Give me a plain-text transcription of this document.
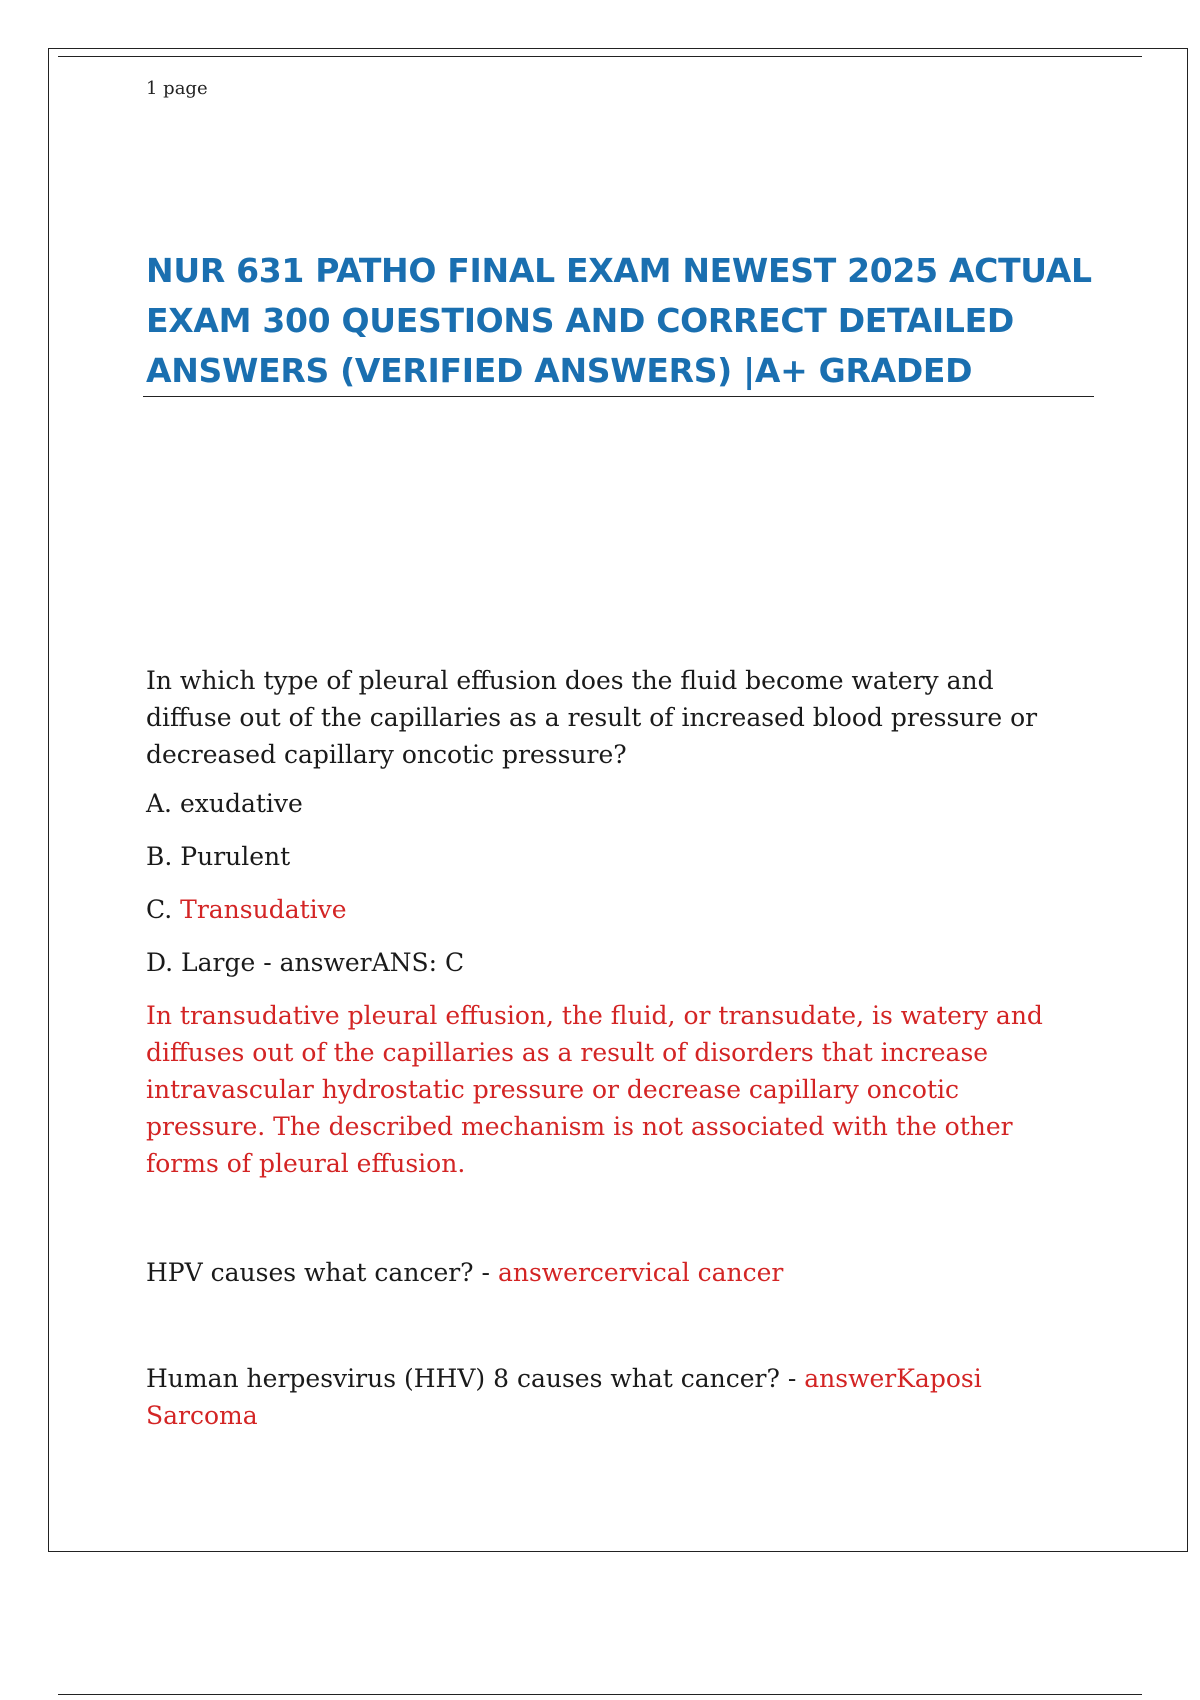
1 page
NUR 631 PATHO FINAL EXAM NEWEST 2025 ACTUAL
EXAM 300 QUESTIONS AND CORRECT DETAILED
ANSWERS (VERIFIED ANSWERS) |A+ GRADED

In which type of pleural effusion does the fluid become watery and diffuse out of the capillaries as a result of increased blood pressure or decreased capillary oncotic pressure?

A. exudative

B. Purulent

C. Transudative

D. Large - answerANS: C

In transudative pleural effusion, the fluid, or transudate, is watery and diffuses out of the capillaries as a result of disorders that increase intravascular hydrostatic pressure or decrease capillary oncotic pressure. The described mechanism is not associated with the other forms of pleural effusion.

HPV causes what cancer? - answercervical cancer

Human herpesvirus (HHV) 8 causes what cancer? - answerKaposi Sarcoma
